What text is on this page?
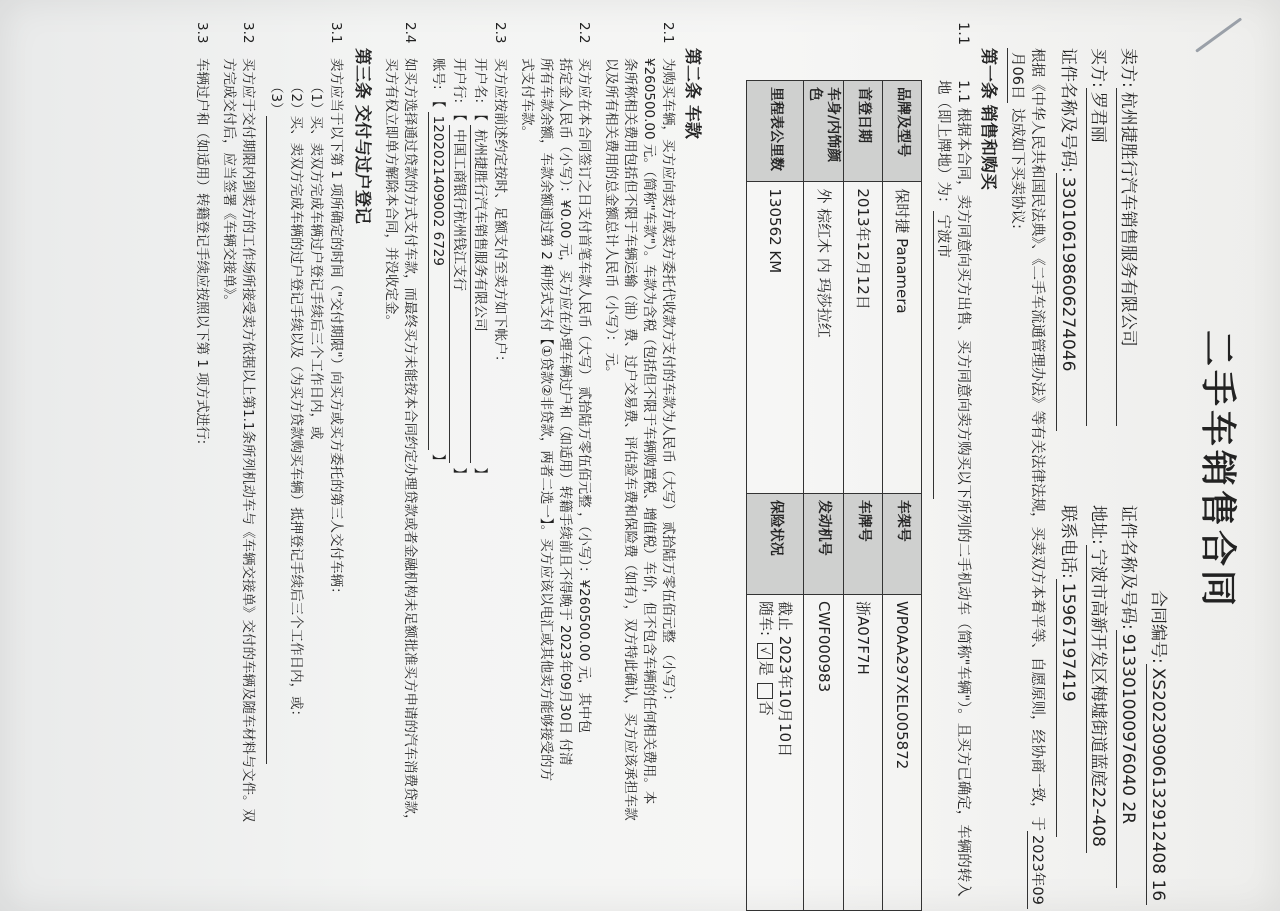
二手车销售合同
合同编号:XS20230906132912408 16
卖方:杭州捷胜行汽车销售服务有限公司
证件名称及号码:913301000976040 2R
买方:罗君丽
地址:宁波市高新开发区梅墟街道蓝庭22-408
证件名称及号码:330106198606274046
联系电话:15967197419
根据《中华人民共和国民法典》、《二手车流通管理办法》等有关法律法规，买卖双方本着平等、自愿原则，经协商一致，于2023年09
月06日 达成如下买卖协议:
第一条 销售和购买
1.1
1.1 根据本合同，卖方同意向买方出售、买方同意向卖方购买以下所列的二手机动车（简称"车辆"）。且买方已确定，车辆的转入
地（即上牌地）为：宁波市
品牌及型号	保时捷 Panamera	车架号	WP0AA297XEL005872
首登日期	2013年12月12日	车牌号	浙A07F7H
车身/内饰颜色	外 棕红木 内 玛莎拉红	发动机号	CWF000983
里程表公里数	130562 KM	保险状况	截止 2023年10月10日
随车: √是 否
第二条 车款
2.1
为购买车辆，买方应向卖方或卖方委托代收款方支付的车款为人民币（大写） 贰拾陆万零伍佰元整 （小写）：
¥260500.00 元。（简称"车款"）。车款为含税（包括但不限于车辆购置税、增值税）车价，但不包含车辆的任何相关费用。本
条所称相关费用包括但不限于车辆运输（油）费、过户交易费、评估验车费和保险费（如有），双方特此确认，买方应该承担车款
以及所有相关费用的总金额总计人民币（小写）： 元。
2.2
买方应在本合同签订之日支付首笔车款人民币（大写） 贰拾陆万零伍佰元整 ，（小写）：¥260500.00 元，其中包
括定金人民币（小写）：¥0.00 元，买方应在办理车辆过户和（如适用）转籍手续前且不得晚于 2023年09月30日 付清
所有车款余额，车款余额通过第 2 种形式支付【①贷款②非贷款，两者二选一】。买方应该以电汇或其他卖方能够接受的方
式支付车款。
2.3
买方应按前述约定按时、足额支付至卖方如下帐户：
开户名: 【 杭州捷胜行汽车销售服务有限公司 】
开户行: 【 中国工商银行杭州钱江支行 】
账号: 【 1202021409002 6729 】
2.4
如买方选择通过贷款的方式支付车款，而最终买方未能按本合同约定办理贷款或者金融机构未足额批准买方申请的汽车消费贷款，
买方有权立即单方解除本合同，并没收定金。
第三条 交付与过户登记
3.1
卖方应当于以下第 1 项所确定的时间（"交付期限"）向买方或买方委托的第三人交付车辆：
（1）买、卖双方完成车辆过户登记手续后三个工作日内，或
（2）买、卖双方完成车辆的过户登记手续以及（为买方贷款购买车辆）抵押登记手续后三个工作日内，或：
（3）
3.2
买方应于交付期限内到卖方的工作场所接受卖方依据以上第1.1条所列机动车与《车辆交接单》交付的车辆及随车材料与文件。双
方完成交付后，应当签署《车辆交接单》。
3.3
车辆过户和（如适用）转籍登记手续应按照以下第 1 项方式进行:
